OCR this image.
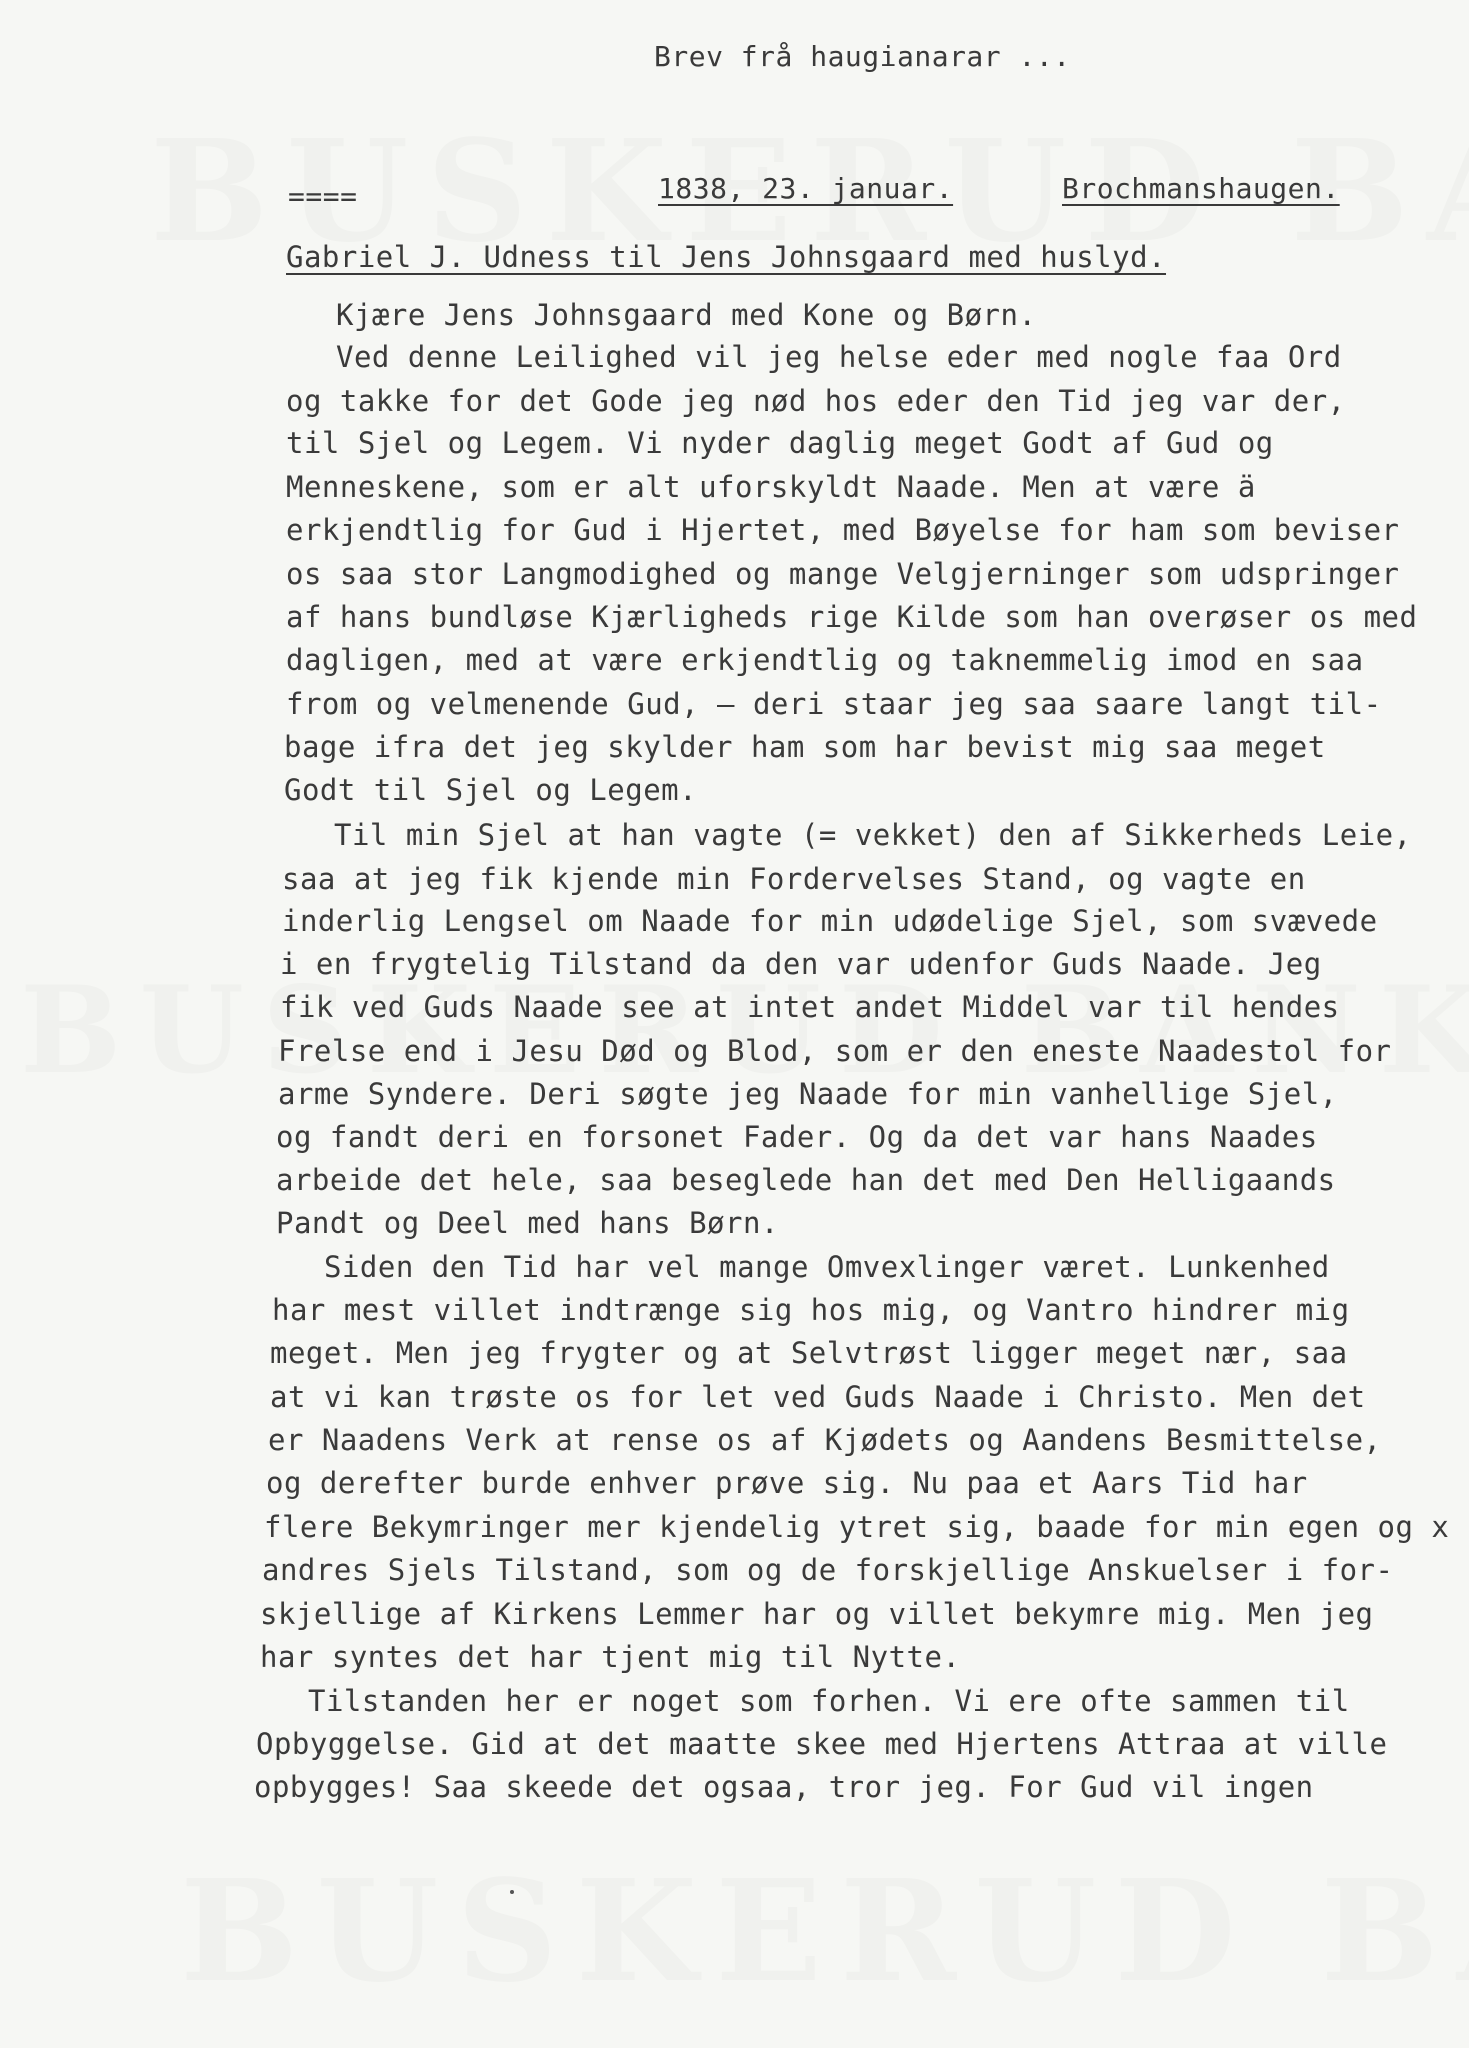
Brev frå haugianarar ...
====	1838, 23. januar.	Brochmanshaugen.
Gabriel J. Udness til Jens Johnsgaard med huslyd.
Kjære Jens Johnsgaard med Kone og Børn.
Ved denne Leilighed vil jeg helse eder med nogle faa Ord
og takke for det Gode jeg nød hos eder den Tid jeg var der,
til Sjel og Legem. Vi nyder daglig meget Godt af Gud og
Menneskene, som er alt uforskyldt Naade. Men at være ä
erkjendtlig for Gud i Hjertet, med Bøyelse for ham som beviser
os saa stor Langmodighed og mange Velgjerninger som udspringer
af hans bundløse Kjærligheds rige Kilde som han overøser os med
dagligen, med at være erkjendtlig og taknemmelig imod en saa
from og velmenende Gud, — deri staar jeg saa saare langt til-
bage ifra det jeg skylder ham som har bevist mig saa meget
Godt til Sjel og Legem.
Til min Sjel at han vagte (= vekket) den af Sikkerheds Leie,
saa at jeg fik kjende min Fordervelses Stand, og vagte en
inderlig Lengsel om Naade for min udødelige Sjel, som svævede
i en frygtelig Tilstand da den var udenfor Guds Naade. Jeg
fik ved Guds Naade see at intet andet Middel var til hendes
Frelse end i Jesu Død og Blod, som er den eneste Naadestol for
arme Syndere. Deri søgte jeg Naade for min vanhellige Sjel,
og fandt deri en forsonet Fader. Og da det var hans Naades
arbeide det hele, saa beseglede han det med Den Helligaands
Pandt og Deel med hans Børn.
Siden den Tid har vel mange Omvexlinger været. Lunkenhed
har mest villet indtrænge sig hos mig, og Vantro hindrer mig
meget. Men jeg frygter og at Selvtrøst ligger meget nær, saa
at vi kan trøste os for let ved Guds Naade i Christo. Men det
er Naadens Verk at rense os af Kjødets og Aandens Besmittelse,
og derefter burde enhver prøve sig. Nu paa et Aars Tid har
flere Bekymringer mer kjendelig ytret sig, baade for min egen og x
andres Sjels Tilstand, som og de forskjellige Anskuelser i for-
skjellige af Kirkens Lemmer har og villet bekymre mig. Men jeg
har syntes det har tjent mig til Nytte.
Tilstanden her er noget som forhen. Vi ere ofte sammen til
Opbyggelse. Gid at det maatte skee med Hjertens Attraa at ville
opbygges! Saa skeede det ogsaa, tror jeg. For Gud vil ingen
